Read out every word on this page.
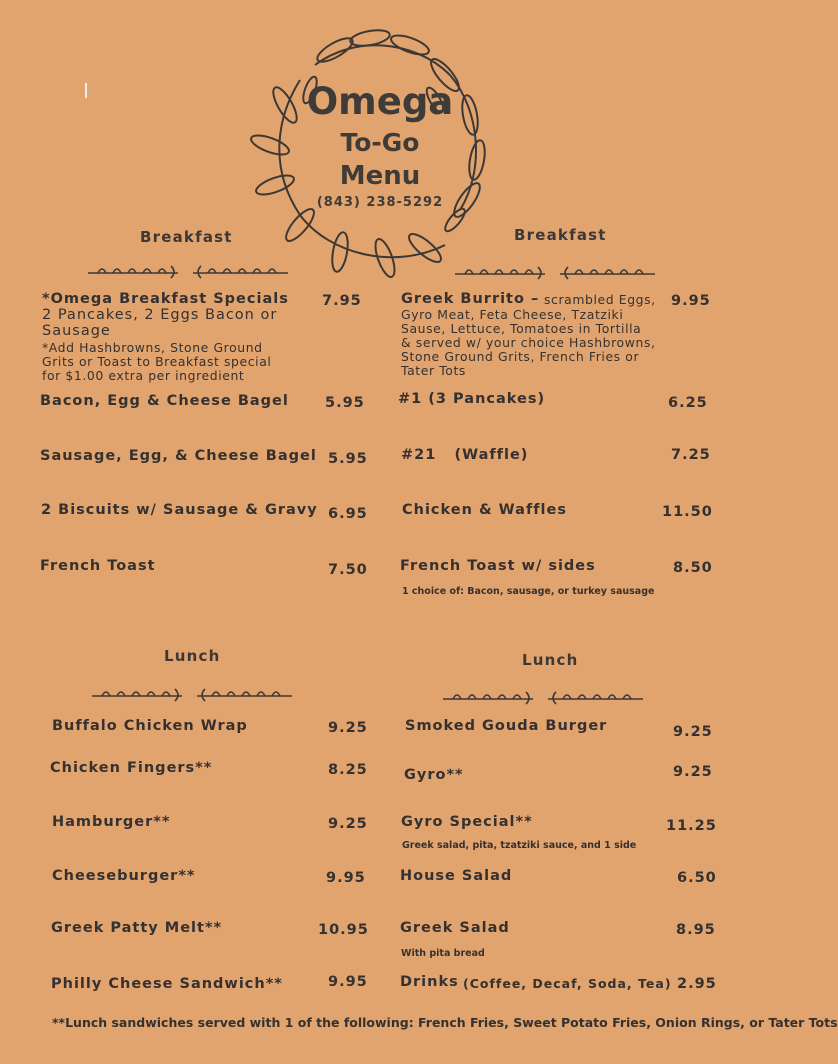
Omega
To-Go
Menu
(843) 238-5292
Breakfast	Breakfast
Lunch	Lunch
*Omega Breakfast Specials 7.95
2 Pancakes, 2 Eggs Bacon or
Sausage
*Add Hashbrowns, Stone Ground
Grits or Toast to Breakfast special
for $1.00 extra per ingredient
Bacon, Egg & Cheese Bagel 5.95
Sausage, Egg, & Cheese Bagel 5.95
2 Biscuits w/ Sausage & Gravy 6.95
French Toast	7.50
Greek Burrito – scrambled Eggs, 9.95
Gyro Meat, Feta Cheese, Tzatziki
Sause, Lettuce, Tomatoes in Tortilla
& served w/ your choice Hashbrowns,
Stone Ground Grits, French Fries or
Tater Tots
#1 (3 Pancakes)	6.25
#21   (Waffle)	7.25
Chicken & Waffles	11.50
French Toast w/ sides	8.50
1 choice of: Bacon, sausage, or turkey sausage
Buffalo Chicken Wrap	9.25
Chicken Fingers**	8.25
Hamburger**	9.25
Cheeseburger**	9.95
Greek Patty Melt**	10.95
Philly Cheese Sandwich**	9.95
Smoked Gouda Burger	9.25
Gyro**	9.25
Gyro Special**	11.25
Greek salad, pita, tzatziki sauce, and 1 side
House Salad	6.50
Greek Salad	8.95
With pita bread
Drinks (Coffee, Decaf, Soda, Tea) 2.95
**Lunch sandwiches served with 1 of the following: French Fries, Sweet Potato Fries, Onion Rings, or Tater Tots
